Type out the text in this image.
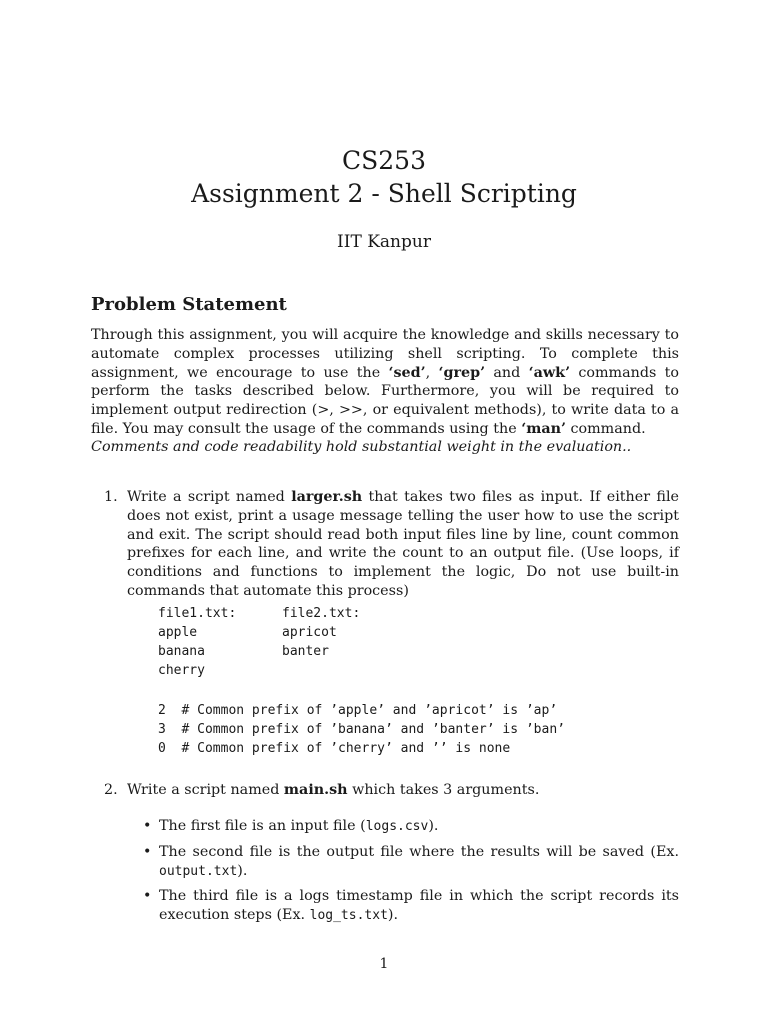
CS253
Assignment 2 - Shell Scripting
IIT Kanpur
Problem Statement
Through this assignment, you will acquire the knowledge and skills necessary to automate complex processes utilizing shell scripting. To complete this assignment, we encourage to use the ‘sed’, ‘grep’ and ‘awk’ commands to perform the tasks described below. Furthermore, you will be required to implement output redirection (>, >>, or equivalent methods), to write data to a file. You may consult the usage of the commands using the ‘man’ command.
Comments and code readability hold substantial weight in the evaluation..
1. Write a script named larger.sh that takes two files as input. If either file does not exist, print a usage message telling the user how to use the script and exit. The script should read both input files line by line, count common prefixes for each line, and write the count to an output file. (Use loops, if conditions and functions to implement the logic, Do not use built-in commands that automate this process)
file1.txt:
apple
banana
cherry
file2.txt:
apricot
banter
2  # Common prefix of ’apple’ and ’apricot’ is ’ap’
3  # Common prefix of ’banana’ and ’banter’ is ’ban’
0  # Common prefix of ’cherry’ and ’’ is none
2. Write a script named main.sh which takes 3 arguments.
• The first file is an input file (logs.csv).
• The second file is the output file where the results will be saved (Ex. output.txt).
• The third file is a logs timestamp file in which the script records its execution steps (Ex. log_ts.txt).
1
